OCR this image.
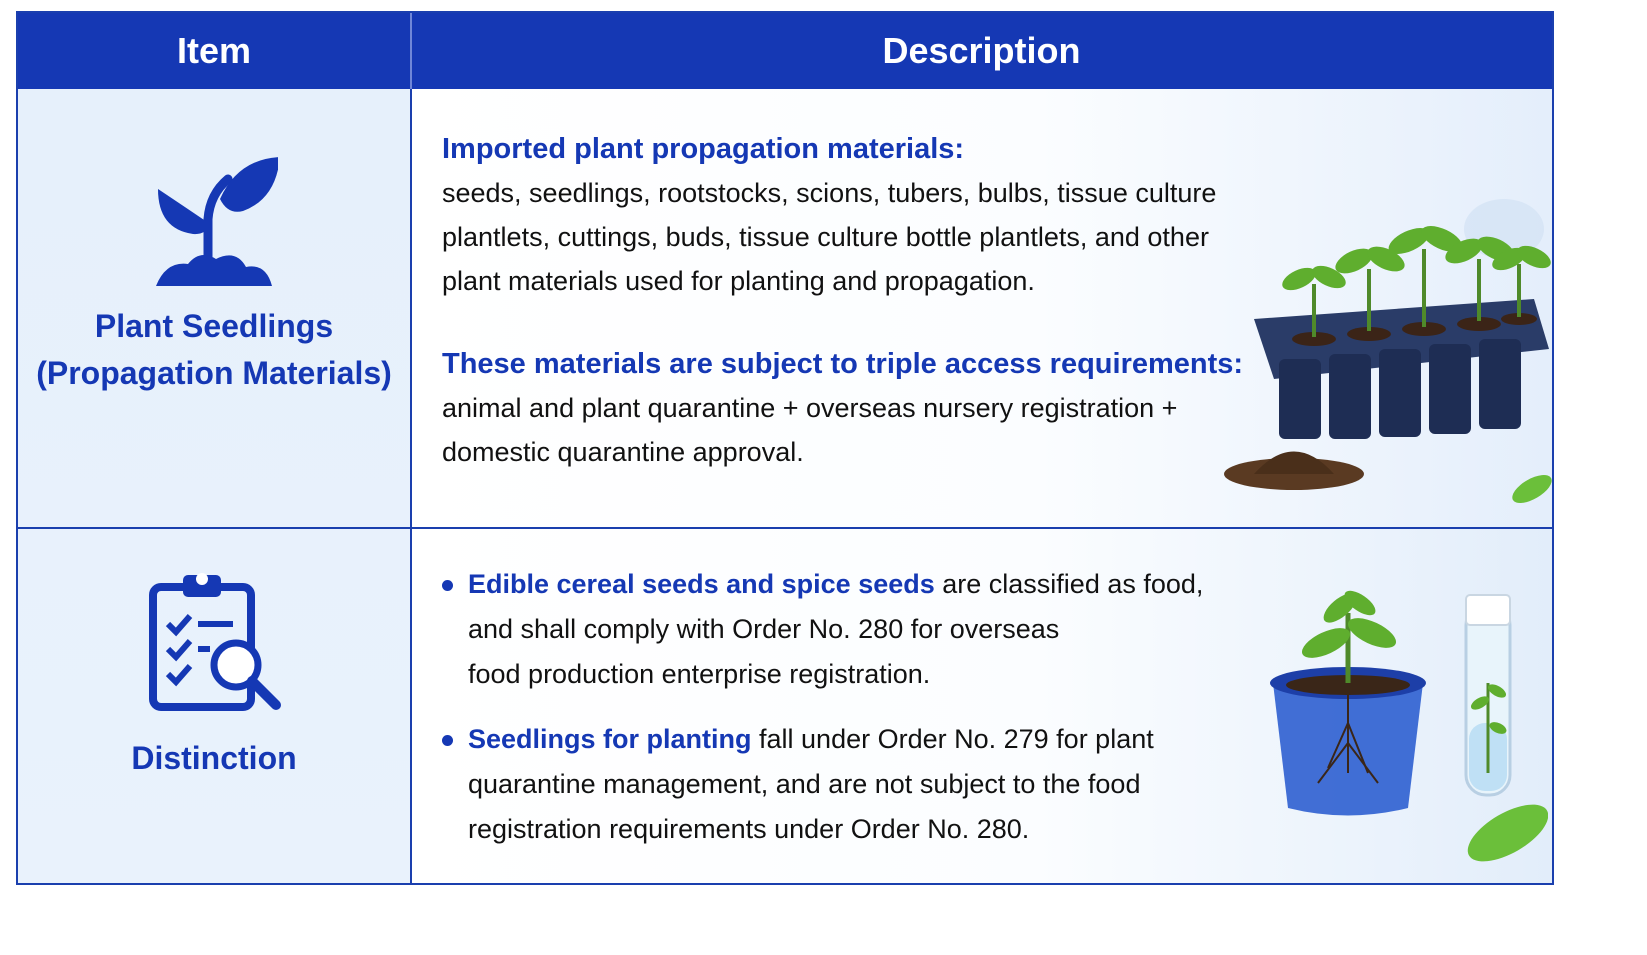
Item	Description
Plant Seedlings
(Propagation Materials)
Imported plant propagation materials:
seeds, seedlings, rootstocks, scions, tubers, bulbs, tissue culture
plantlets, cuttings, buds, tissue culture bottle plantlets, and other
plant materials used for planting and propagation.
These materials are subject to triple access requirements:
animal and plant quarantine + overseas nursery registration +
domestic quarantine approval.
Distinction
Edible cereal seeds and spice seeds are classified as food,
and shall comply with Order No. 280 for overseas
food production enterprise registration.
Seedlings for planting fall under Order No. 279 for plant
quarantine management, and are not subject to the food
registration requirements under Order No. 280.
